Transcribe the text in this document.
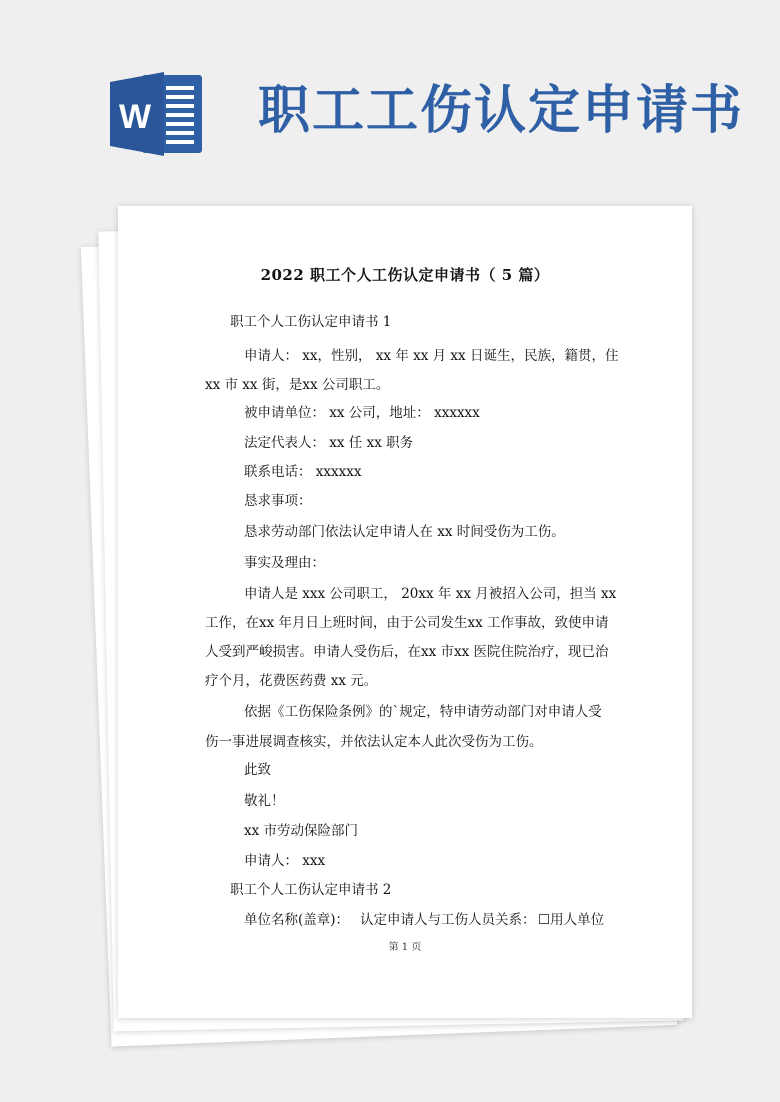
W 职工工伤认定申请书
2022 职工个人工伤认定申请书（ 5 篇）
职工个人工伤认定申请书 1
申请人： xx，性别， xx 年 xx 月 xx 日诞生，民族，籍贯，住
xx 市 xx 街，是xx 公司职工。
被申请单位： xx 公司，地址： xxxxxx
法定代表人： xx 任 xx 职务
联系电话： xxxxxx
恳求事项：
恳求劳动部门依法认定申请人在 xx 时间受伤为工伤。
事实及理由：
申请人是 xxx 公司职工， 20xx 年 xx 月被招入公司，担当 xx
工作，在xx 年月日上班时间，由于公司发生xx 工作事故，致使申请
人受到严峻损害。申请人受伤后，在xx 市xx 医院住院治疗，现已治
疗个月，花费医药费 xx 元。
依据《工伤保险条例》的`规定，特申请劳动部门对申请人受
伤一事进展调查核实，并依法认定本人此次受伤为工伤。
此致
敬礼！
xx 市劳动保险部门
申请人： xxx
职工个人工伤认定申请书 2
单位名称(盖章)： 认定申请人与工伤人员关系： ☐用人单位
第 1 页
